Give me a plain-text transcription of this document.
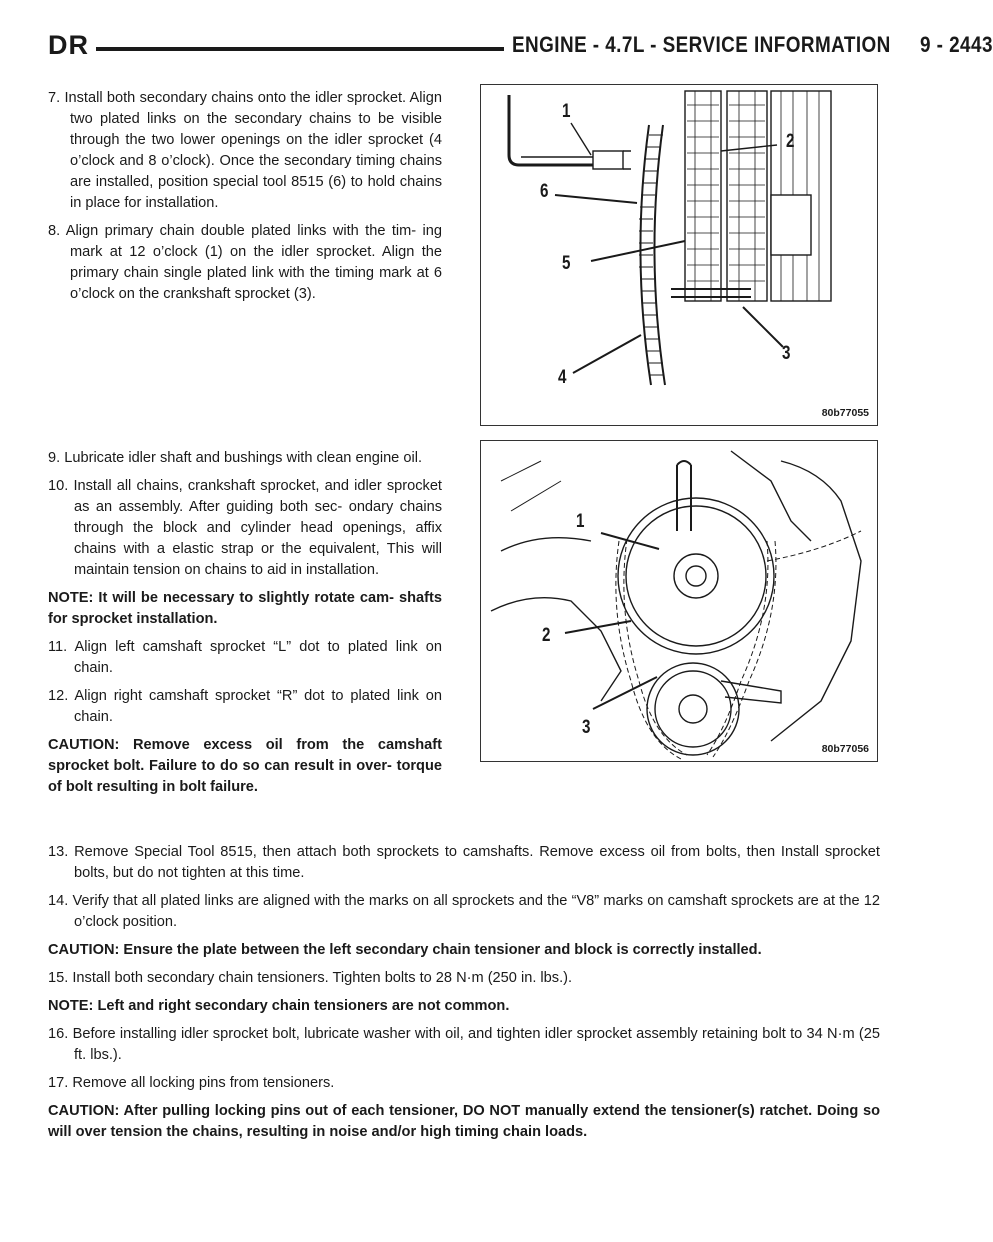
DR	ENGINE - 4.7L - SERVICE INFORMATION 9 - 2443

7. Install both secondary chains onto the idler sprocket. Align two plated links on the secondary chains to be visible through the two lower openings on the idler sprocket (4 o’clock and 8 o’clock). Once the secondary timing chains are installed, position special tool 8515 (6) to hold chains in place for installation.

8. Align primary chain double plated links with the tim- ing mark at 12 o’clock (1) on the idler sprocket. Align the primary chain single plated link with the timing mark at 6 o’clock on the crankshaft sprocket (3).

1
2
6
5
3
4
80b77055

9. Lubricate idler shaft and bushings with clean engine oil.

10. Install all chains, crankshaft sprocket, and idler sprocket as an assembly. After guiding both sec- ondary chains through the block and cylinder head openings, affix chains with a elastic strap or the equivalent, This will maintain tension on chains to aid in installation.

NOTE: It will be necessary to slightly rotate cam- shafts for sprocket installation.

11. Align left camshaft sprocket “L” dot to plated link on chain.

12. Align right camshaft sprocket “R” dot to plated link on chain.

CAUTION: Remove excess oil from the camshaft sprocket bolt. Failure to do so can result in over- torque of bolt resulting in bolt failure.

1
2
3
80b77056

13. Remove Special Tool 8515, then attach both sprockets to camshafts. Remove excess oil from bolts, then Install sprocket bolts, but do not tighten at this time.

14. Verify that all plated links are aligned with the marks on all sprockets and the “V8” marks on camshaft sprockets are at the 12 o’clock position.

CAUTION: Ensure the plate between the left secondary chain tensioner and block is correctly installed.

15. Install both secondary chain tensioners. Tighten bolts to 28 N·m (250 in. lbs.).

NOTE: Left and right secondary chain tensioners are not common.

16. Before installing idler sprocket bolt, lubricate washer with oil, and tighten idler sprocket assembly retaining bolt to 34 N·m (25 ft. lbs.).

17. Remove all locking pins from tensioners.

CAUTION: After pulling locking pins out of each tensioner, DO NOT manually extend the tensioner(s) ratchet. Doing so will over tension the chains, resulting in noise and/or high timing chain loads.
